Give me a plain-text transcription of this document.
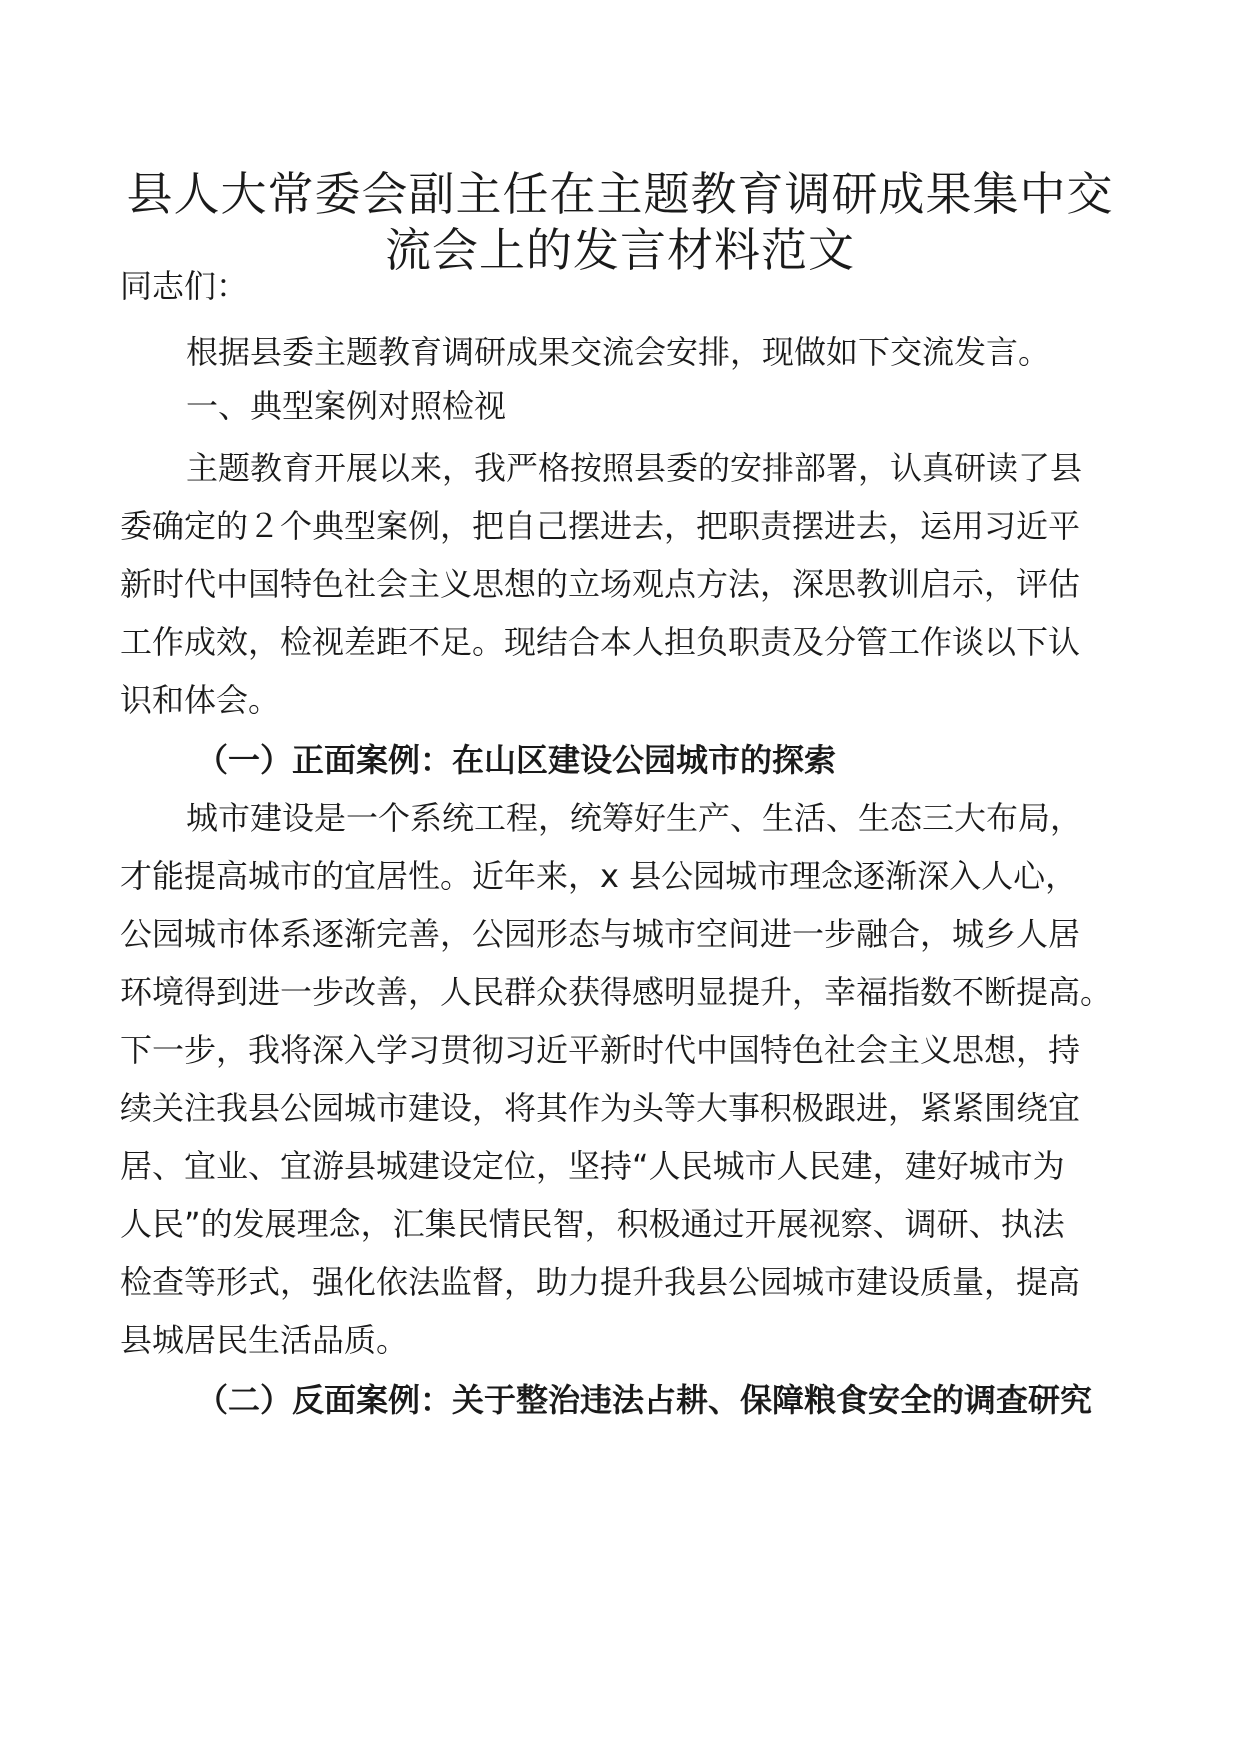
县人大常委会副主任在主题教育调研成果集中交
流会上的发言材料范文

同志们：

根据县委主题教育调研成果交流会安排，现做如下交流发言。

一、典型案例对照检视

主题教育开展以来，我严格按照县委的安排部署，认真研读了县

委确定的２个典型案例，把自己摆进去，把职责摆进去，运用习近平

新时代中国特色社会主义思想的立场观点方法，深思教训启示，评估

工作成效，检视差距不足。现结合本人担负职责及分管工作谈以下认

识和体会。

（一）正面案例：在山区建设公园城市的探索

城市建设是一个系统工程，统筹好生产、生活、生态三大布局，

才能提高城市的宜居性。近年来，x 县公园城市理念逐渐深入人心，

公园城市体系逐渐完善，公园形态与城市空间进一步融合，城乡人居

环境得到进一步改善，人民群众获得感明显提升，幸福指数不断提高。

下一步，我将深入学习贯彻习近平新时代中国特色社会主义思想，持

续关注我县公园城市建设，将其作为头等大事积极跟进，紧紧围绕宜

居、宜业、宜游县城建设定位，坚持“人民城市人民建，建好城市为

人民”的发展理念，汇集民情民智，积极通过开展视察、调研、执法

检查等形式，强化依法监督，助力提升我县公园城市建设质量，提高

县城居民生活品质。

（二）反面案例：关于整治违法占耕、保障粮食安全的调查研究
